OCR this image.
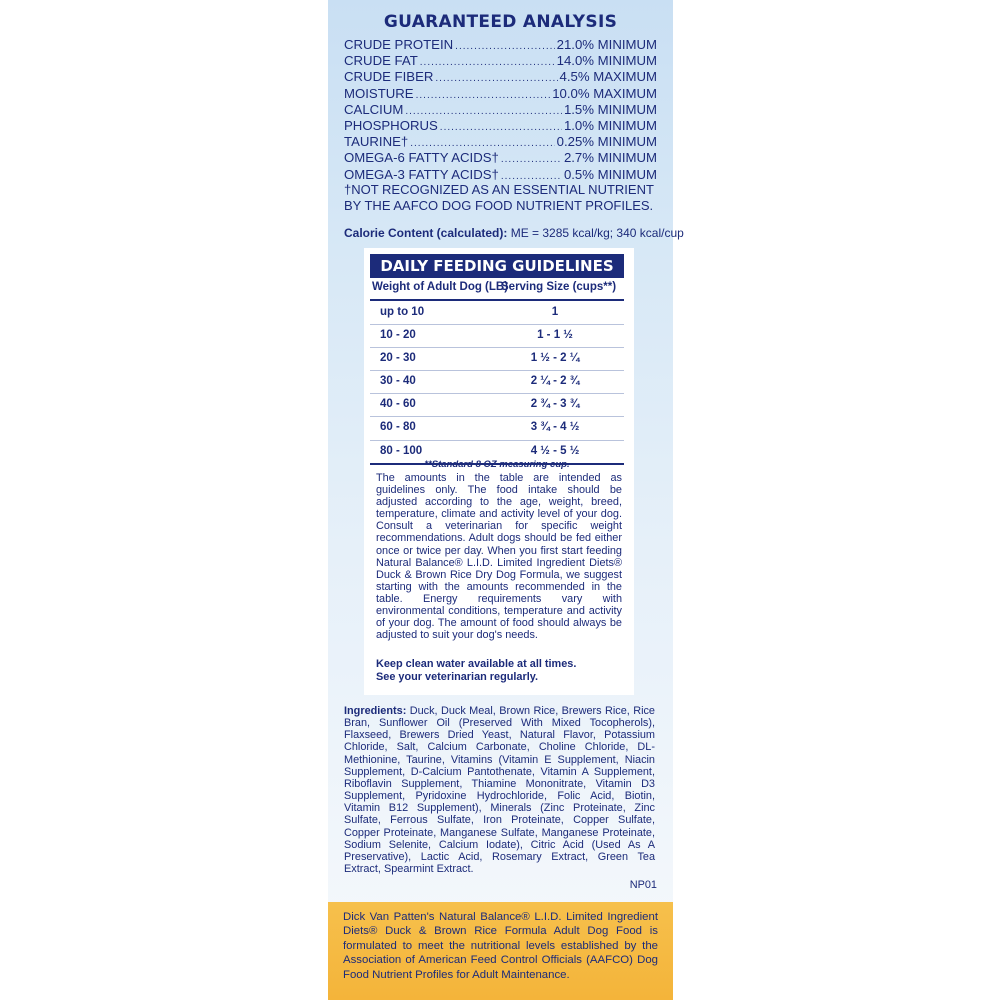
GUARANTEED ANALYSIS
CRUDE PROTEIN .....	21.0% MINIMUM
CRUDE FAT .....	14.0% MINIMUM
CRUDE FIBER .....	4.5% MAXIMUM
MOISTURE .....	10.0% MAXIMUM
CALCIUM .....	1.5% MINIMUM
PHOSPHORUS .....	1.0% MINIMUM
TAURINE† .....	0.25% MINIMUM
OMEGA-6 FATTY ACIDS† .....	2.7% MINIMUM
OMEGA-3 FATTY ACIDS† .....	0.5% MINIMUM
†NOT RECOGNIZED AS AN ESSENTIAL NUTRIENT
BY THE AAFCO DOG FOOD NUTRIENT PROFILES.
Calorie Content (calculated): ME = 3285 kcal/kg; 340 kcal/cup
DAILY FEEDING GUIDELINES
Weight of Adult Dog (LB)
Serving Size (cups**)
up to 10	1
10 - 20	1 - 1 ½
20 - 30	1 ½ - 2 ¼
30 - 40	2 ¼ - 2 ¾
40 - 60	2 ¾ - 3 ¾
60 - 80	3 ¾ - 4 ½
80 - 100	4 ½ - 5 ½
**Standard 8 OZ measuring cup.
The amounts in the table are intended as guidelines only. The food intake should be adjusted according to the age, weight, breed, temperature, climate and activity level of your dog. Consult a veterinarian for specific weight recommendations. Adult dogs should be fed either once or twice per day. When you first start feeding Natural Balance® L.I.D. Limited Ingredient Diets® Duck & Brown Rice Dry Dog Formula, we suggest starting with the amounts recommended in the table. Energy requirements vary with environmental conditions, temperature and activity of your dog. The amount of food should always be adjusted to suit your dog's needs.
Keep clean water available at all times.
See your veterinarian regularly.
Ingredients: Duck, Duck Meal, Brown Rice, Brewers Rice, Rice Bran, Sunflower Oil (Preserved With Mixed Tocopherols), Flaxseed, Brewers Dried Yeast, Natural Flavor, Potassium Chloride, Salt, Calcium Carbonate, Choline Chloride, DL-Methionine, Taurine, Vitamins (Vitamin E Supplement, Niacin Supplement, D-Calcium Pantothenate, Vitamin A Supplement, Riboflavin Supplement, Thiamine Mononitrate, Vitamin D3 Supplement, Pyridoxine Hydrochloride, Folic Acid, Biotin, Vitamin B12 Supplement), Minerals (Zinc Proteinate, Zinc Sulfate, Ferrous Sulfate, Iron Proteinate, Copper Sulfate, Copper Proteinate, Manganese Sulfate, Manganese Proteinate, Sodium Selenite, Calcium Iodate), Citric Acid (Used As A Preservative), Lactic Acid, Rosemary Extract, Green Tea Extract, Spearmint Extract.
NP01
Dick Van Patten's Natural Balance® L.I.D. Limited Ingredient Diets® Duck & Brown Rice Formula Adult Dog Food is formulated to meet the nutritional levels established by the Association of American Feed Control Officials (AAFCO) Dog Food Nutrient Profiles for Adult Maintenance.
